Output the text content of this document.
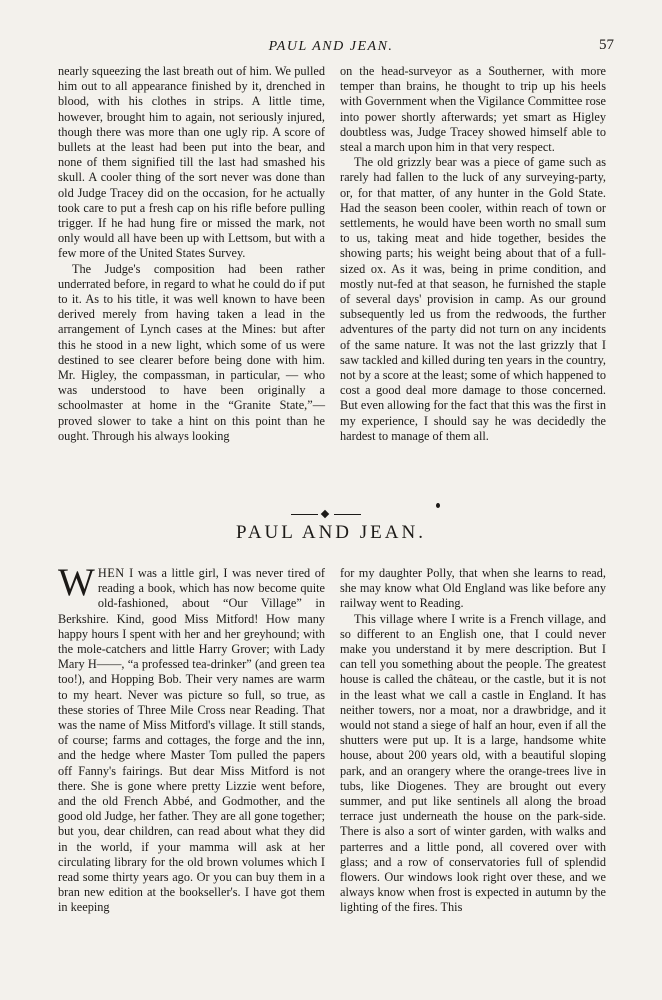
PAUL AND JEAN.	57

nearly squeezing the last breath out of him. We pulled him out to all appearance finished by it, drenched in blood, with his clothes in strips. A little time, however, brought him to again, not seriously injured, though there was more than one ugly rip. A score of bullets at the least had been put into the bear, and none of them signified till the last had smashed his skull. A cooler thing of the sort never was done than old Judge Tracey did on the occasion, for he actually took care to put a fresh cap on his rifle before pulling trigger. If he had hung fire or missed the mark, not only would all have been up with Lettsom, but with a few more of the United States Survey.

The Judge's composition had been rather underrated before, in regard to what he could do if put to it. As to his title, it was well known to have been derived merely from having taken a lead in the arrangement of Lynch cases at the Mines: but after this he stood in a new light, which some of us were destined to see clearer before being done with him. Mr. Higley, the compassman, in particular, — who was understood to have been originally a schoolmaster at home in the “Granite State,”— proved slower to take a hint on this point than he ought. Through his always looking

on the head-surveyor as a Southerner, with more temper than brains, he thought to trip up his heels with Government when the Vigilance Committee rose into power shortly afterwards; yet smart as Higley doubtless was, Judge Tracey showed himself able to steal a march upon him in that very respect.

The old grizzly bear was a piece of game such as rarely had fallen to the luck of any surveying-party, or, for that matter, of any hunter in the Gold State. Had the season been cooler, within reach of town or settlements, he would have been worth no small sum to us, taking meat and hide together, besides the showing parts; his weight being about that of a full-sized ox. As it was, being in prime condition, and mostly nut-fed at that season, he furnished the staple of several days' provision in camp. As our ground subsequently led us from the redwoods, the further adventures of the party did not turn on any incidents of the same nature. It was not the last grizzly that I saw tackled and killed during ten years in the country, not by a score at the least; some of which happened to cost a good deal more damage to those concerned. But even allowing for the fact that this was the first in my experience, I should say he was decidedly the hardest to manage of them all.

PAUL AND JEAN.

WHEN I was a little girl, I was never tired of reading a book, which has now become quite old-fashioned, about “Our Village” in Berkshire. Kind, good Miss Mitford! How many happy hours I spent with her and her greyhound; with the mole-catchers and little Harry Grover; with Lady Mary H——, “a professed tea-drinker” (and green tea too!), and Hopping Bob. Their very names are warm to my heart. Never was picture so full, so true, as these stories of Three Mile Cross near Reading. That was the name of Miss Mitford's village. It still stands, of course; farms and cottages, the forge and the inn, and the hedge where Master Tom pulled the papers off Fanny's fairings. But dear Miss Mitford is not there. She is gone where pretty Lizzie went before, and the old French Abbé, and Godmother, and the good old Judge, her father. They are all gone together; but you, dear children, can read about what they did in the world, if your mamma will ask at her circulating library for the old brown volumes which I read some thirty years ago. Or you can buy them in a bran new edition at the bookseller's. I have got them in keeping

for my daughter Polly, that when she learns to read, she may know what Old England was like before any railway went to Reading.

This village where I write is a French village, and so different to an English one, that I could never make you understand it by mere description. But I can tell you something about the people. The greatest house is called the château, or the castle, but it is not in the least what we call a castle in England. It has neither towers, nor a moat, nor a drawbridge, and it would not stand a siege of half an hour, even if all the shutters were put up. It is a large, handsome white house, about 200 years old, with a beautiful sloping park, and an orangery where the orange-trees live in tubs, like Diogenes. They are brought out every summer, and put like sentinels all along the broad terrace just underneath the house on the park-side. There is also a sort of winter garden, with walks and parterres and a little pond, all covered over with glass; and a row of conservatories full of splendid flowers. Our windows look right over these, and we always know when frost is expected in autumn by the lighting of the fires. This
